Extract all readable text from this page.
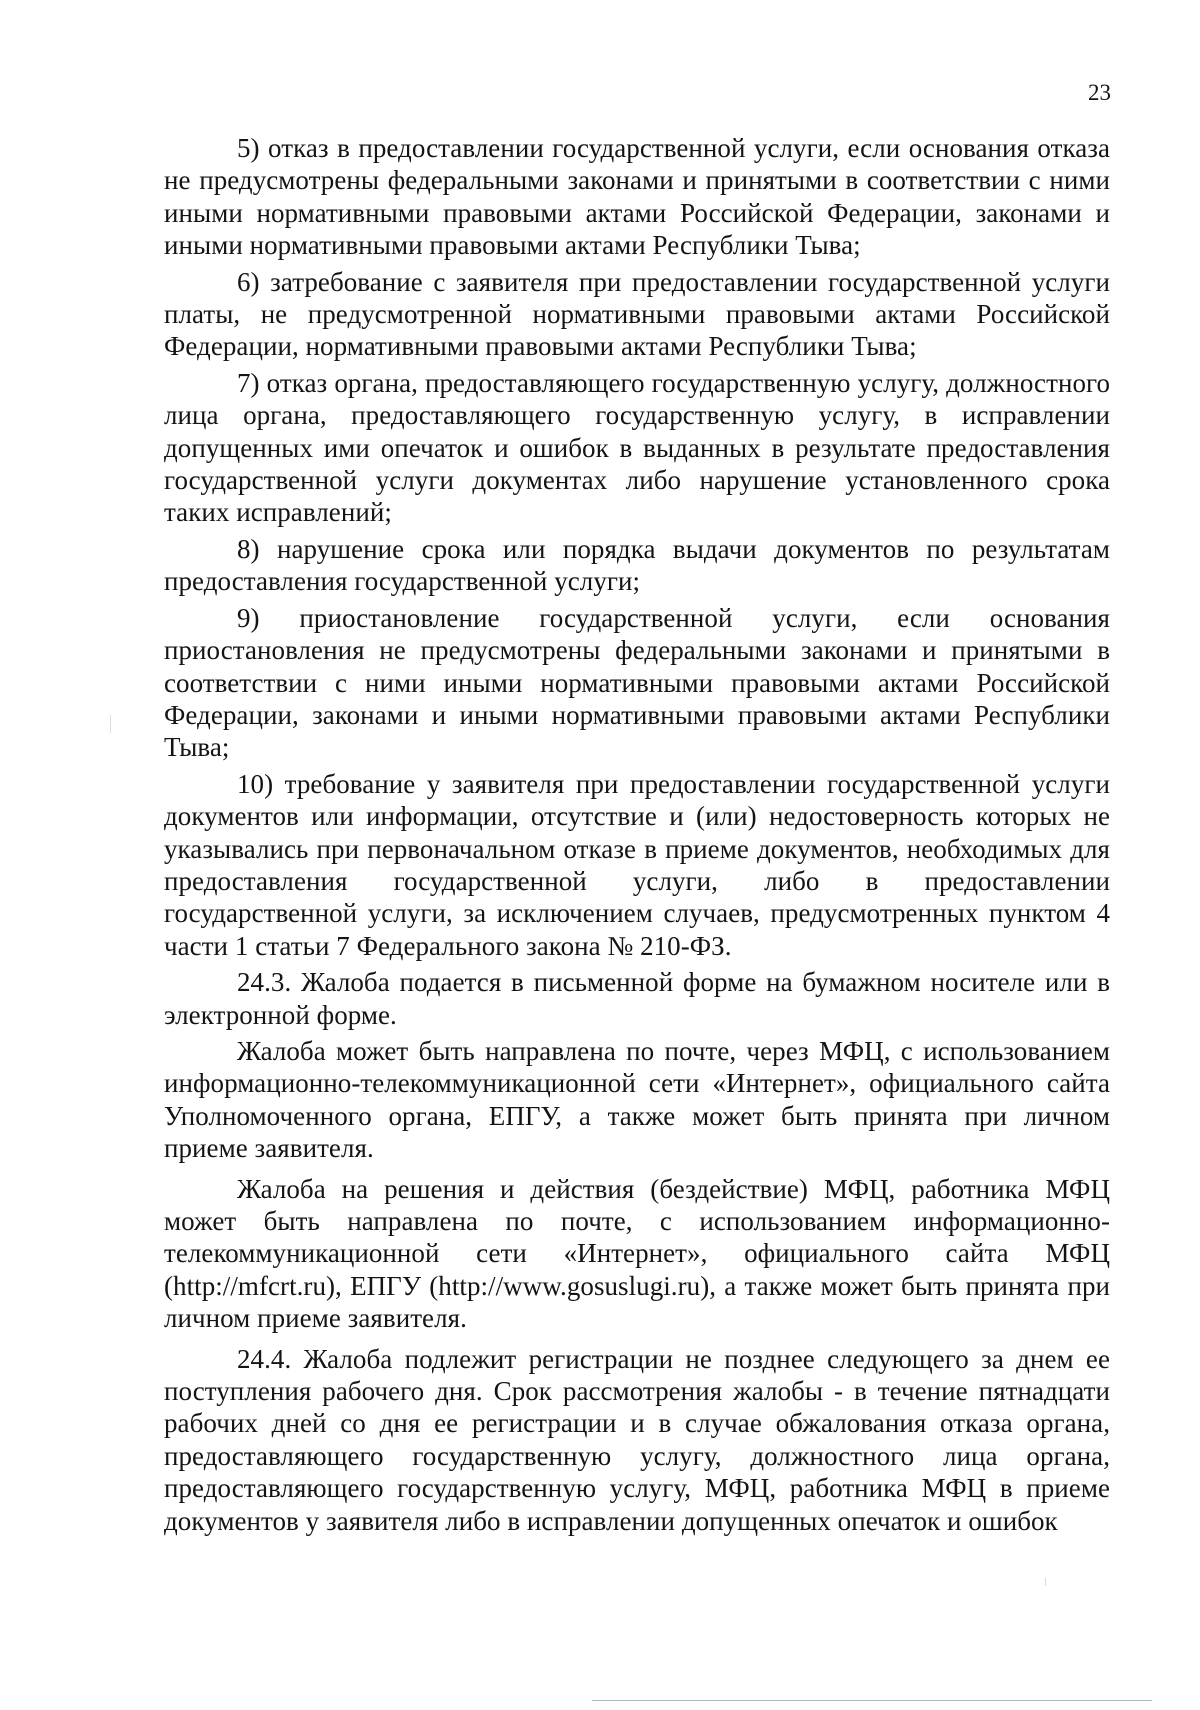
23

5) отказ в предоставлении государственной услуги, если основания отказа не предусмотрены федеральными законами и принятыми в соответствии с ними иными нормативными правовыми актами Российской Федерации, законами и иными нормативными правовыми актами Республики Тыва;

6) затребование с заявителя при предоставлении государственной услуги платы, не предусмотренной нормативными правовыми актами Российской Федерации, нормативными правовыми актами Республики Тыва;

7) отказ органа, предоставляющего государственную услугу, должностного лица органа, предоставляющего государственную услугу, в исправлении допущенных ими опечаток и ошибок в выданных в результате предоставления государственной услуги документах либо нарушение установленного срока таких исправлений;

8) нарушение срока или порядка выдачи документов по результатам предоставления государственной услуги;

9) приостановление государственной услуги, если основания приостановления не предусмотрены федеральными законами и принятыми в соответствии с ними иными нормативными правовыми актами Российской Федерации, законами и иными нормативными правовыми актами Республики Тыва;

10) требование у заявителя при предоставлении государственной услуги документов или информации, отсутствие и (или) недостоверность которых не указывались при первоначальном отказе в приеме документов, необходимых для предоставления государственной услуги, либо в предоставлении государственной услуги, за исключением случаев, предусмотренных пунктом 4 части 1 статьи 7 Федерального закона № 210-ФЗ.

24.3. Жалоба подается в письменной форме на бумажном носителе или в электронной форме.

Жалоба может быть направлена по почте, через МФЦ, с использованием информационно-телекоммуникационной сети «Интернет», официального сайта Уполномоченного органа, ЕПГУ, а также может быть принята при личном приеме заявителя.

Жалоба на решения и действия (бездействие) МФЦ, работника МФЦ может быть направлена по почте, с использованием информационно-телекоммуникационной сети «Интернет», официального сайта МФЦ (http://mfcrt.ru), ЕПГУ (http://www.gosuslugi.ru), а также может быть принята при личном приеме заявителя.

24.4. Жалоба подлежит регистрации не позднее следующего за днем ее поступления рабочего дня. Срок рассмотрения жалобы - в течение пятнадцати рабочих дней со дня ее регистрации и в случае обжалования отказа органа, предоставляющего государственную услугу, должностного лица органа, предоставляющего государственную услугу, МФЦ, работника МФЦ в приеме документов у заявителя либо в исправлении допущенных опечаток и ошибок
